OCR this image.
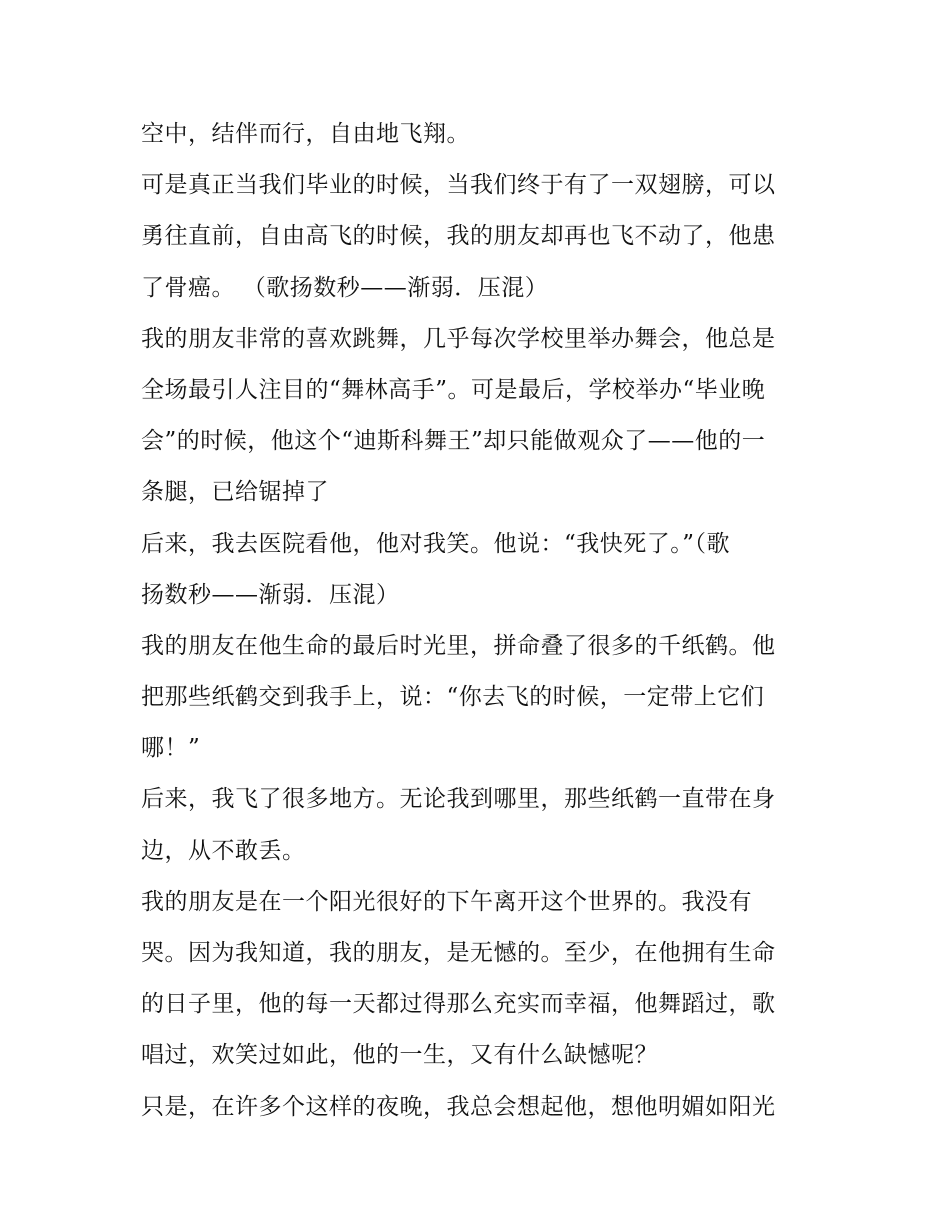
空中，结伴而行，自由地飞翔。
可是真正当我们毕业的时候，当我们终于有了一双翅膀，可以
勇往直前，自由高飞的时候，我的朋友却再也飞不动了，他患
了骨癌。 （歌扬数秒——渐弱．压混）
我的朋友非常的喜欢跳舞，几乎每次学校里举办舞会，他总是
全场最引人注目的“舞林高手”。可是最后，学校举办“毕业晚
会”的时候，他这个“迪斯科舞王”却只能做观众了——他的一
条腿，已给锯掉了
后来，我去医院看他，他对我笑。他说：“我快死了。”（歌
扬数秒——渐弱．压混）
我的朋友在他生命的最后时光里，拼命叠了很多的千纸鹤。他
把那些纸鹤交到我手上，说：“你去飞的时候，一定带上它们
哪！”
后来，我飞了很多地方。无论我到哪里，那些纸鹤一直带在身
边，从不敢丢。
我的朋友是在一个阳光很好的下午离开这个世界的。我没有
哭。因为我知道，我的朋友，是无憾的。至少，在他拥有生命
的日子里，他的每一天都过得那么充实而幸福，他舞蹈过，歌
唱过，欢笑过如此，他的一生，又有什么缺憾呢？
只是，在许多个这样的夜晚，我总会想起他，想他明媚如阳光
